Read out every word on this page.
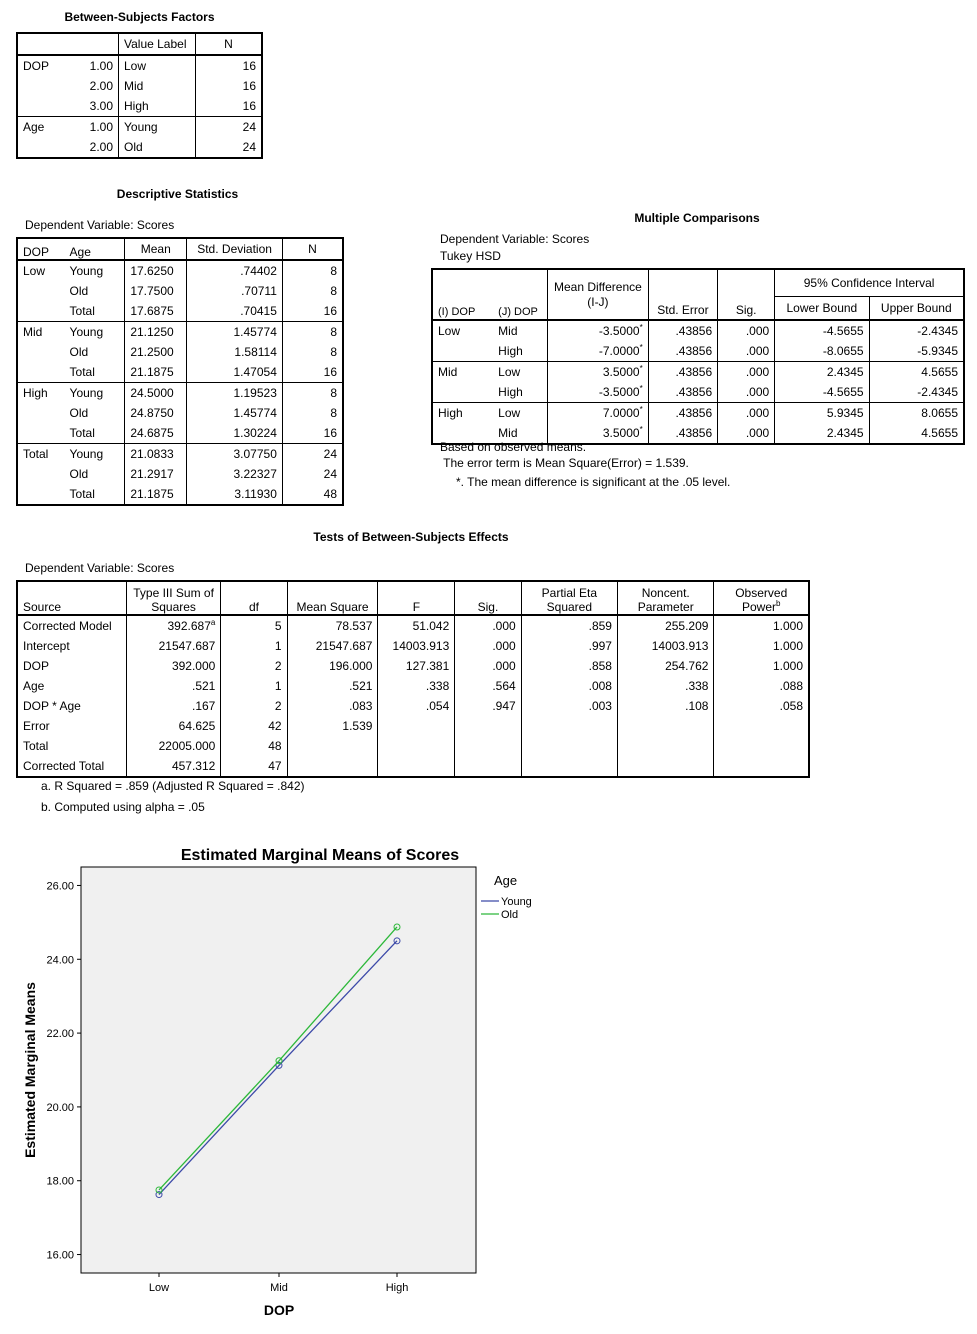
Between-Subjects Factors
		Value Label	N
DOP	1.00	Low	16
	2.00	Mid	16
	3.00	High	16
Age	1.00	Young	24
	2.00	Old	24
Descriptive Statistics
Dependent Variable: Scores
DOP	Age	Mean	Std. Deviation	N
Low	Young	17.6250	.74402	8
	Old	17.7500	.70711	8
	Total	17.6875	.70415	16
Mid	Young	21.1250	1.45774	8
	Old	21.2500	1.58114	8
	Total	21.1875	1.47054	16
High	Young	24.5000	1.19523	8
	Old	24.8750	1.45774	8
	Total	24.6875	1.30224	16
Total	Young	21.0833	3.07750	24
	Old	21.2917	3.22327	24
	Total	21.1875	3.11930	48
Multiple Comparisons
Dependent Variable: Scores
Tukey HSD
(I) DOP	(J) DOP	Mean Difference (I-J)	Std. Error	Sig.	95% Confidence Interval	
					Lower Bound	Upper Bound
Low	Mid	-3.5000*	.43856	.000	-4.5655	-2.4345
	High	-7.0000*	.43856	.000	-8.0655	-5.9345
Mid	Low	3.5000*	.43856	.000	2.4345	4.5655
	High	-3.5000*	.43856	.000	-4.5655	-2.4345
High	Low	7.0000*	.43856	.000	5.9345	8.0655
	Mid	3.5000*	.43856	.000	2.4345	4.5655
Based on observed means.
The error term is Mean Square(Error) = 1.539.
*. The mean difference is significant at the .05 level.
Tests of Between-Subjects Effects
Dependent Variable: Scores
Source	Type III Sum of Squares	df	Mean Square	F	Sig.	Partial Eta Squared	Noncent. Parameter	Observed Power$^b$
Corrected Model	392.687$^a$	5	78.537	51.042	.000	.859	255.209	1.000
Intercept	21547.687	1	21547.687	14003.913	.000	.997	14003.913	1.000
DOP	392.000	2	196.000	127.381	.000	.858	254.762	1.000
Age	.521	1	.521	.338	.564	.008	.338	.088
DOP * Age	.167	2	.083	.054	.947	.003	.108	.058
Error	64.625	42	1.539					
Total	22005.000	48						
Corrected Total	457.312	47						
a. R Squared = .859 (Adjusted R Squared = .842)
b. Computed using alpha = .05
Estimated Marginal Means of Scores
16.00
18.00
20.00
22.00
24.00
26.00
Low	Mid	High
DOP
Estimated Marginal Means
Age
Young
Old
